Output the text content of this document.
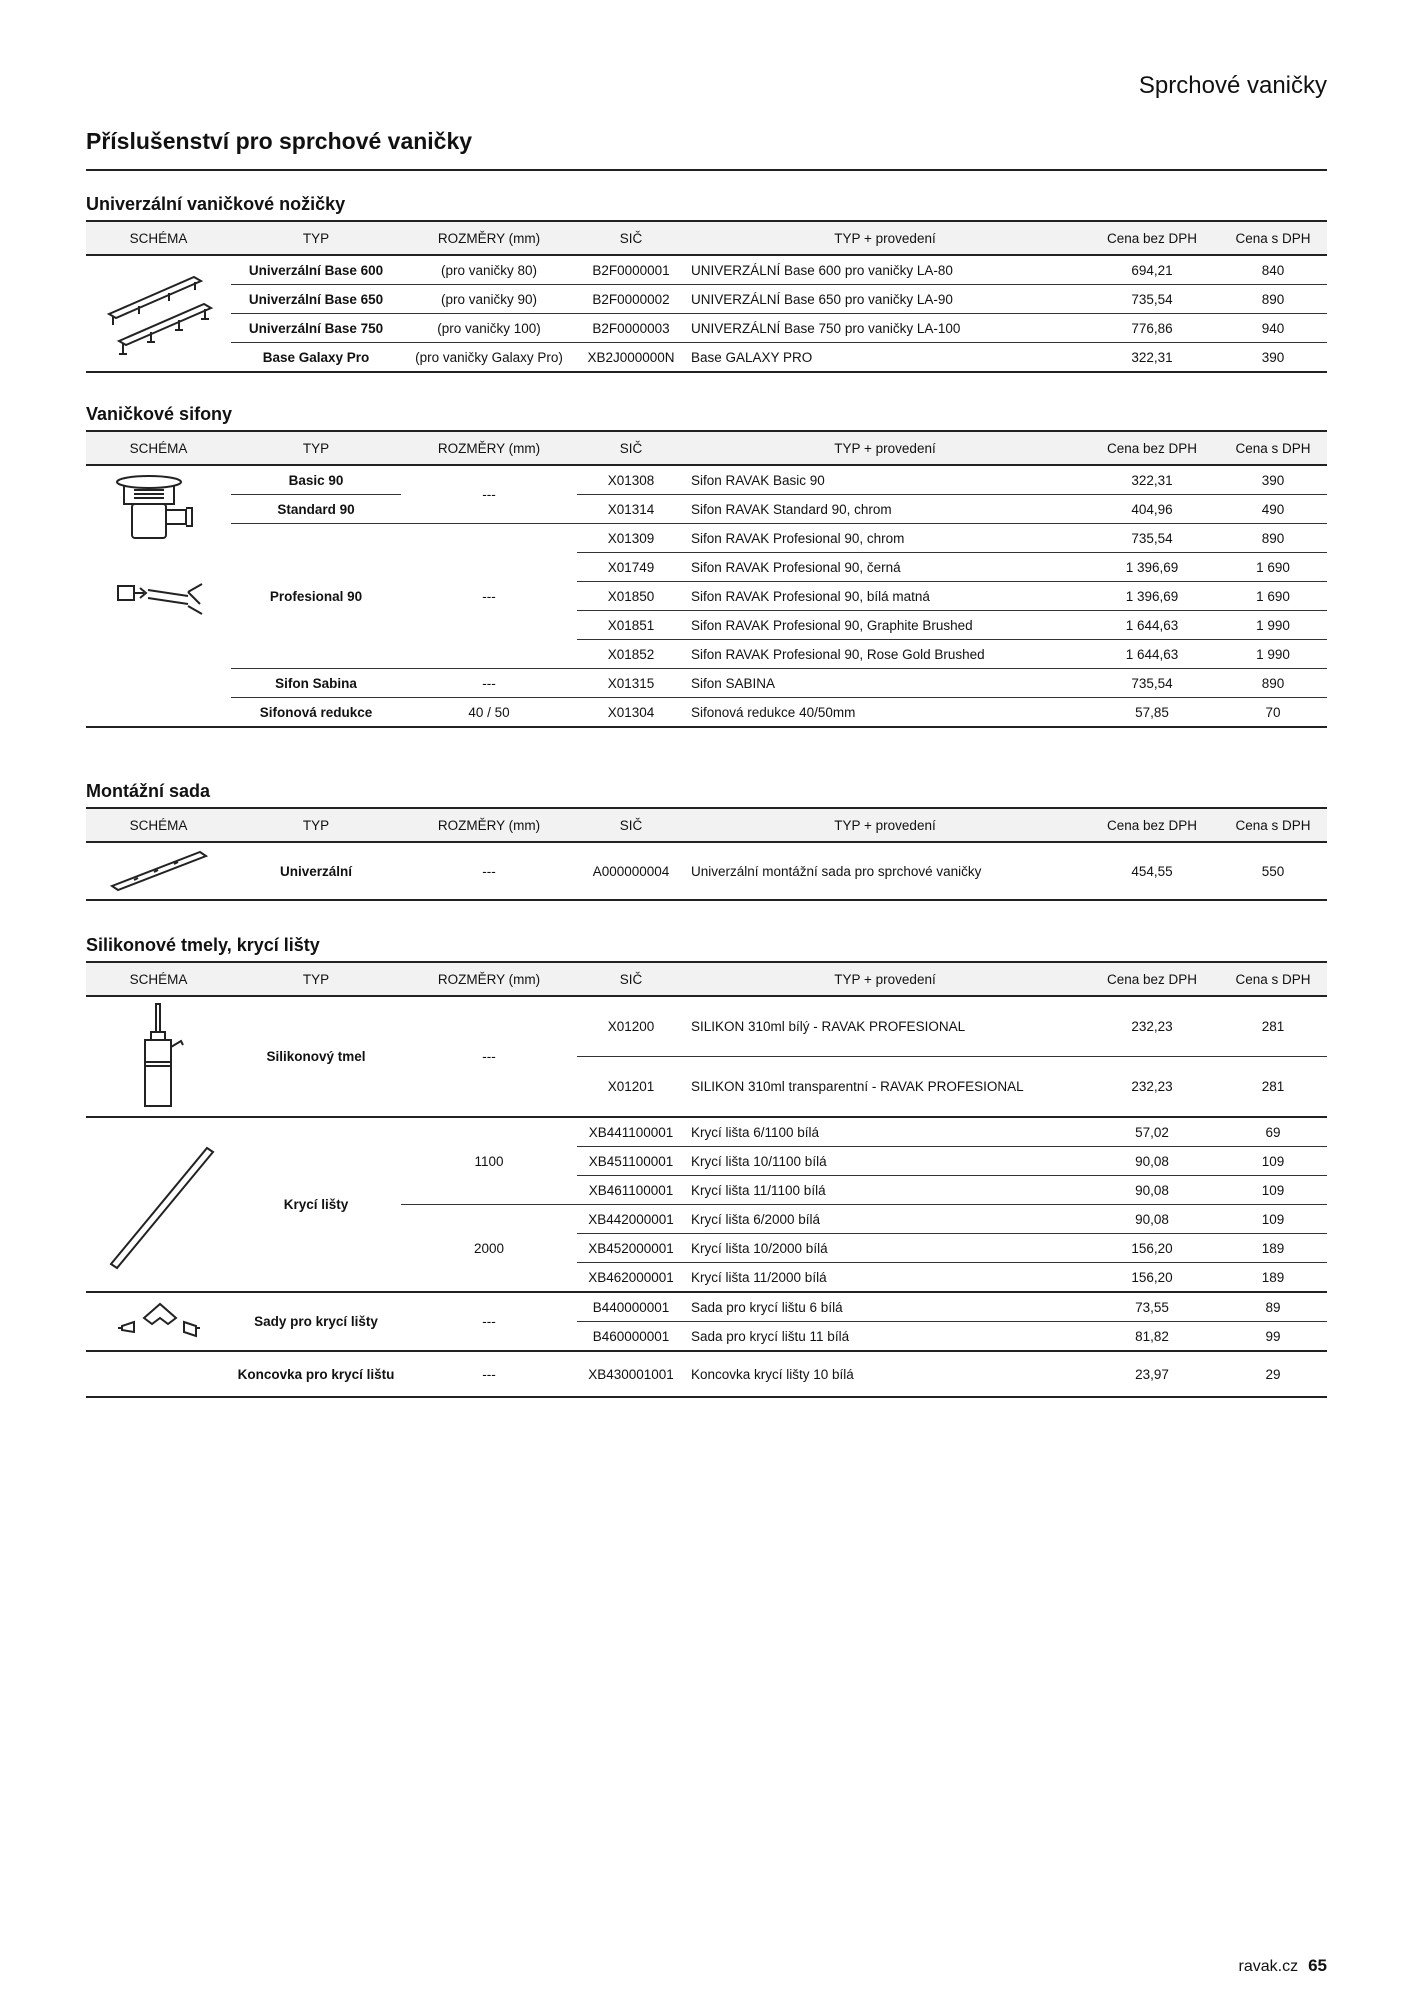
Sprchové vaničky
Příslušenství pro sprchové vaničky
Univerzální vaničkové nožičky
SCHÉMA	TYP	ROZMĚRY (mm)	SIČ	TYP + provedení	Cena bez DPH	Cena s DPH

	Univerzální Base 600	(pro vaničky 80)	B2F0000001	UNIVERZÁLNÍ Base 600 pro vaničky LA-80	694,21	840
	Univerzální Base 650	(pro vaničky 90)	B2F0000002	UNIVERZÁLNÍ Base 650 pro vaničky LA-90	735,54	890
	Univerzální Base 750	(pro vaničky 100)	B2F0000003	UNIVERZÁLNÍ Base 750 pro vaničky LA-100	776,86	940
	Base Galaxy Pro	(pro vaničky Galaxy Pro)	XB2J000000N	Base GALAXY PRO	322,31	390
Vaničkové sifony
SCHÉMA	TYP	ROZMĚRY (mm)	SIČ	TYP + provedení	Cena bez DPH	Cena s DPH

	Basic 90	---	X01308	Sifon RAVAK Basic 90	322,31	390
	Standard 90		X01314	Sifon RAVAK Standard 90, chrom	404,96	490
	Profesional 90	---	X01309	Sifon RAVAK Profesional 90, chrom	735,54	890
			X01749	Sifon RAVAK Profesional 90, černá	1 396,69	1 690
			X01850	Sifon RAVAK Profesional 90, bílá matná	1 396,69	1 690
			X01851	Sifon RAVAK Profesional 90, Graphite Brushed	1 644,63	1 990
			X01852	Sifon RAVAK Profesional 90, Rose Gold Brushed	1 644,63	1 990
	Sifon Sabina	---	X01315	Sifon SABINA	735,54	890
	Sifonová redukce	40 / 50	X01304	Sifonová redukce 40/50mm	57,85	70
Montážní sada
SCHÉMA	TYP	ROZMĚRY (mm)	SIČ	TYP + provedení	Cena bez DPH	Cena s DPH

	Univerzální	---	A000000004	Univerzální montážní sada pro sprchové vaničky	454,55	550
Silikonové tmely, krycí lišty
SCHÉMA	TYP	ROZMĚRY (mm)	SIČ	TYP + provedení	Cena bez DPH	Cena s DPH

	Silikonový tmel	---	X01200	SILIKON 310ml bílý - RAVAK PROFESIONAL	232,23	281
			X01201	SILIKON 310ml transparentní - RAVAK PROFESIONAL	232,23	281

	Krycí lišty	1100	XB441100001	Krycí lišta 6/1100 bílá	57,02	69
			XB451100001	Krycí lišta 10/1100 bílá	90,08	109
			XB461100001	Krycí lišta 11/1100 bílá	90,08	109
		2000	XB442000001	Krycí lišta 6/2000 bílá	90,08	109
			XB452000001	Krycí lišta 10/2000 bílá	156,20	189
			XB462000001	Krycí lišta 11/2000 bílá	156,20	189

	Sady pro krycí lišty	---	B440000001	Sada pro krycí lištu 6 bílá	73,55	89
			B460000001	Sada pro krycí lištu 11 bílá	81,82	99
	Koncovka pro krycí lištu	---	XB430001001	Koncovka krycí lišty 10 bílá	23,97	29
ravak.cz 65
